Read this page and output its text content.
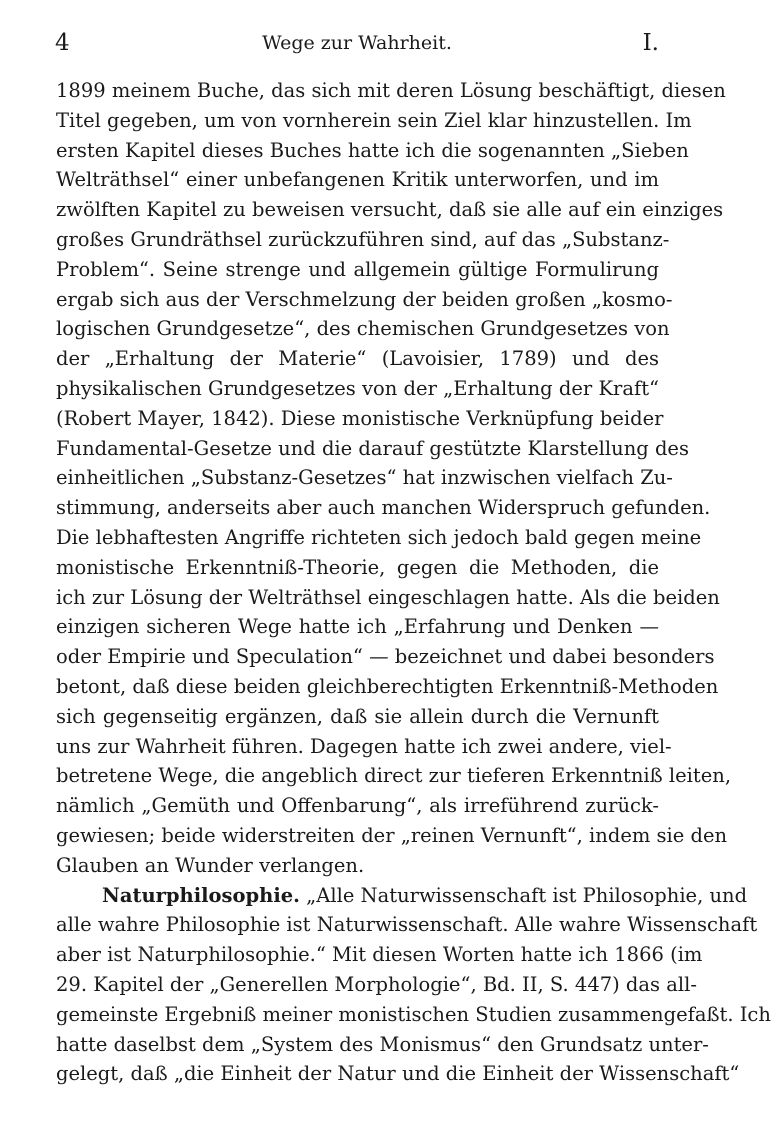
4	Wege zur Wahrheit.	I.
1899 meinem Buche, das sich mit deren Lösung beschäftigt, diesen
Titel gegeben, um von vornherein sein Ziel klar hinzustellen. Im
ersten Kapitel dieses Buches hatte ich die sogenannten „Sieben
Welträthsel“ einer unbefangenen Kritik unterworfen, und im
zwölften Kapitel zu beweisen versucht, daß sie alle auf ein einziges
großes Grundräthsel zurückzuführen sind, auf das „Substanz-
Problem“. Seine strenge und allgemein gültige Formulirung
ergab sich aus der Verschmelzung der beiden großen „kosmo-
logischen Grundgesetze“, des chemischen Grundgesetzes von
der „Erhaltung der Materie“ (Lavoisier, 1789) und des
physikalischen Grundgesetzes von der „Erhaltung der Kraft“
(Robert Mayer, 1842). Diese monistische Verknüpfung beider
Fundamental-Gesetze und die darauf gestützte Klarstellung des
einheitlichen „Substanz-Gesetzes“ hat inzwischen vielfach Zu-
stimmung, anderseits aber auch manchen Widerspruch gefunden.
Die lebhaftesten Angriffe richteten sich jedoch bald gegen meine
monistische Erkenntniß-Theorie, gegen die Methoden, die
ich zur Lösung der Welträthsel eingeschlagen hatte. Als die beiden
einzigen sicheren Wege hatte ich „Erfahrung und Denken —
oder Empirie und Speculation“ — bezeichnet und dabei besonders
betont, daß diese beiden gleichberechtigten Erkenntniß-Methoden
sich gegenseitig ergänzen, daß sie allein durch die Vernunft
uns zur Wahrheit führen. Dagegen hatte ich zwei andere, viel-
betretene Wege, die angeblich direct zur tieferen Erkenntniß leiten,
nämlich „Gemüth und Offenbarung“, als irreführend zurück-
gewiesen; beide widerstreiten der „reinen Vernunft“, indem sie den
Glauben an Wunder verlangen.
Naturphilosophie. „Alle Naturwissenschaft ist Philosophie, und
alle wahre Philosophie ist Naturwissenschaft. Alle wahre Wissenschaft
aber ist Naturphilosophie.“ Mit diesen Worten hatte ich 1866 (im
29. Kapitel der „Generellen Morphologie“, Bd. II, S. 447) das all-
gemeinste Ergebniß meiner monistischen Studien zusammengefaßt. Ich
hatte daselbst dem „System des Monismus“ den Grundsatz unter-
gelegt, daß „die Einheit der Natur und die Einheit der Wissenschaft“
